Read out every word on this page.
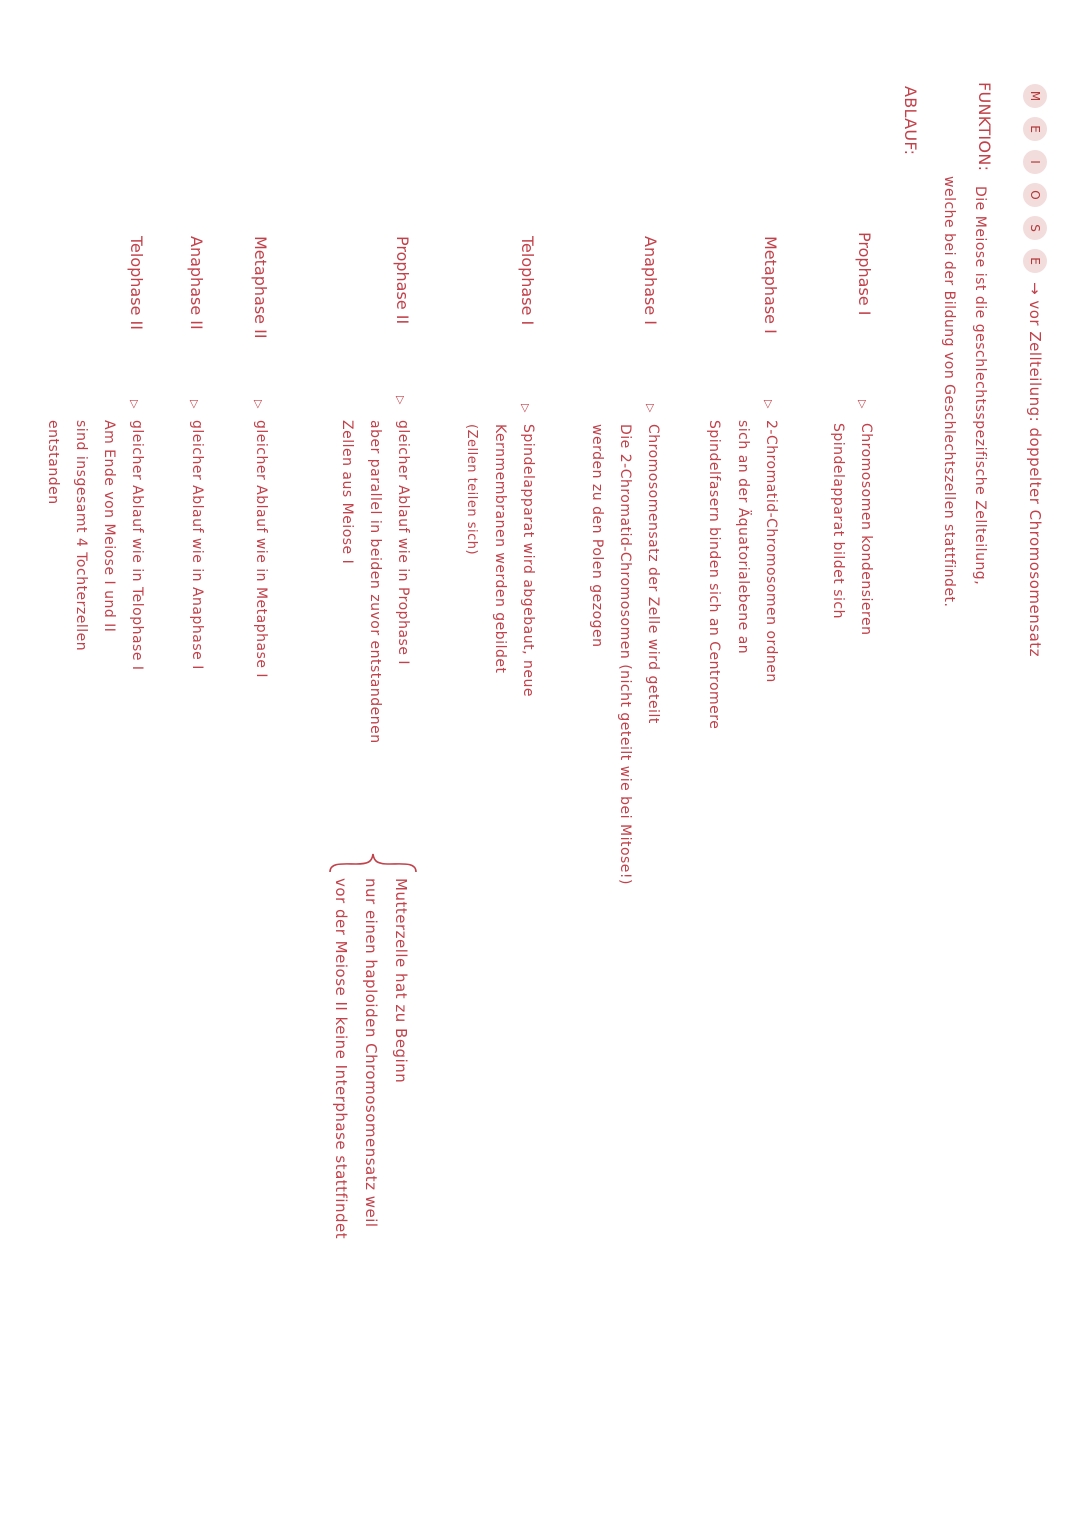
M
E
I
O
S
E
→ vor Zellteilung: doppelter Chromosomensatz
FUNKTION:
Die Meiose ist die geschlechtsspezifische Zellteilung,
welche bei der Bildung von Geschlechtszellen stattfindet.
ABLAUF:
Prophase I
▷
Chromosomen kondensieren
Spindelapparat bildet sich
Metaphase I
▷
2-Chromatid-Chromosomen ordnen
sich an der Äquatorialebene an
Spindelfasern binden sich an Centromere
Anaphase I
▷
Chromosomensatz der Zelle wird geteilt
Die 2-Chromatid-Chromosomen (nicht geteilt wie bei Mitose!)
werden zu den Polen gezogen
Telophase I
▷
Spindelapparat wird abgebaut, neue
Kernmembranen werden gebildet
(Zellen teilen sich)
Prophase II
▷
gleicher Ablauf wie in Prophase I
aber parallel in beiden zuvor entstandenen
Zellen aus Meiose I
Mutterzelle hat zu Beginn
nur einen haploiden Chromosomensatz weil
vor der Meiose II keine Interphase stattfindet
Metaphase II
▷
gleicher Ablauf wie in Metaphase I
Anaphase II
▷
gleicher Ablauf wie in Anaphase I
Telophase II
▷
gleicher Ablauf wie in Telophase I
Am Ende von Meiose I und II
sind insgesamt 4 Tochterzellen
entstanden
